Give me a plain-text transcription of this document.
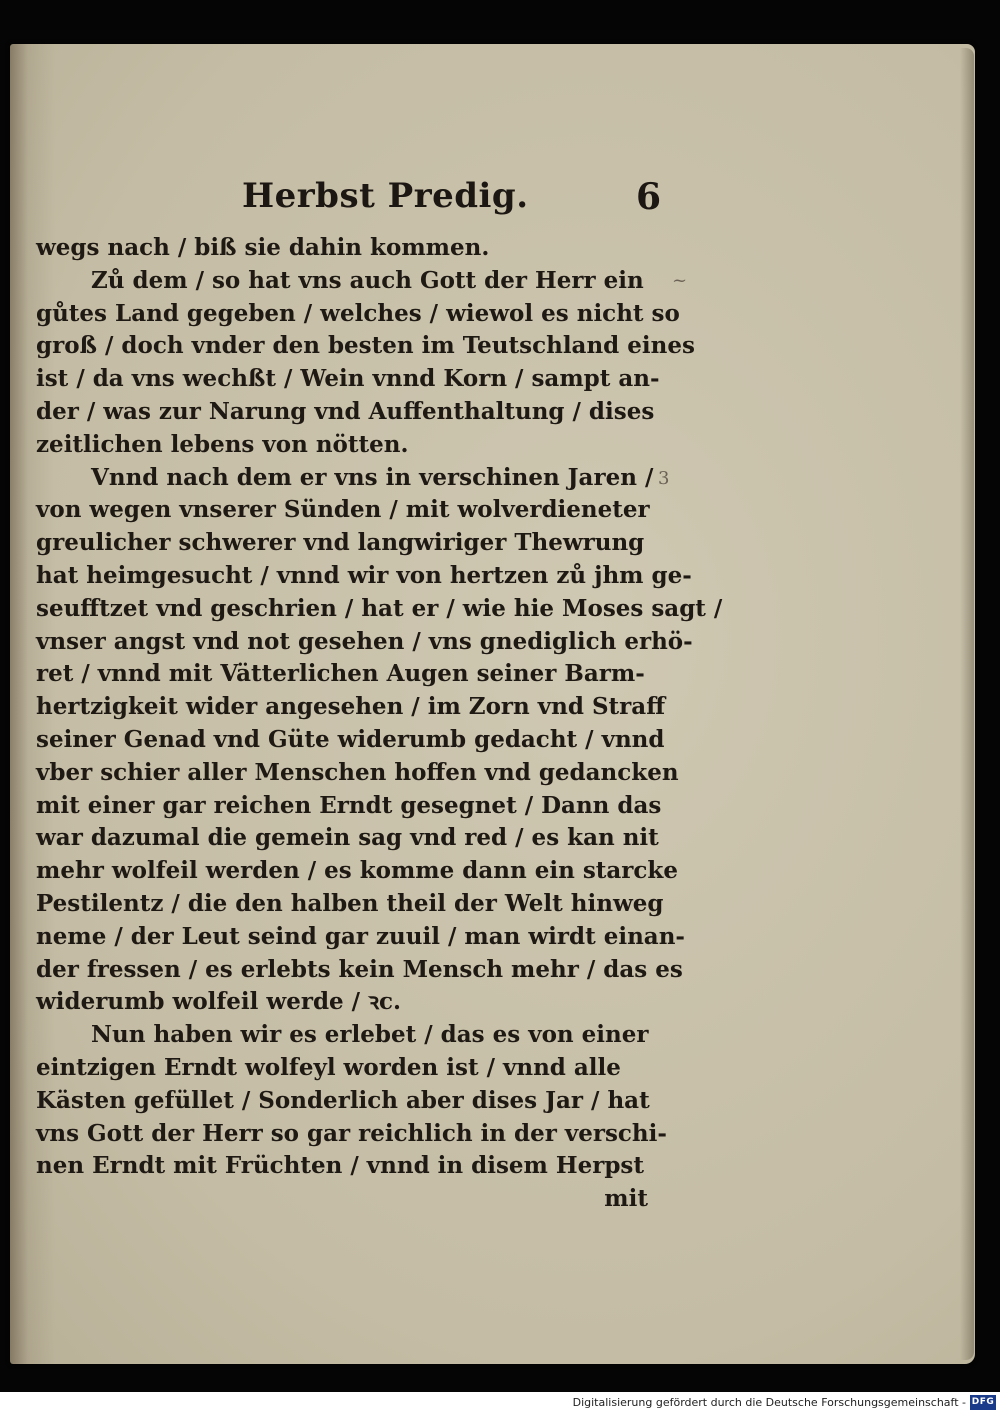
Herbst Predig.	6
wegs nach / biß sie dahin kommen.
Zů dem / so hat vns auch Gott der Herr ein
gůtes Land gegeben / welches / wiewol es nicht so
groß / doch vnder den besten im Teutschland eines
ist / da vns wechßt / Wein vnnd Korn / sampt an-
der / was zur Narung vnd Auffenthaltung / dises
zeitlichen lebens von nötten.
Vnnd nach dem er vns in verschinen Jaren /
von wegen vnserer Sünden / mit wolverdieneter
greulicher schwerer vnd langwiriger Thewrung
hat heimgesucht / vnnd wir von hertzen zů jhm ge-
seufftzet vnd geschrien / hat er / wie hie Moses sagt /
vnser angst vnd not gesehen / vns gnediglich erhö-
ret / vnnd mit Vätterlichen Augen seiner Barm-
hertzigkeit wider angesehen / im Zorn vnd Straff
seiner Genad vnd Güte widerumb gedacht / vnnd
vber schier aller Menschen hoffen vnd gedancken
mit einer gar reichen Erndt gesegnet / Dann das
war dazumal die gemein sag vnd red / es kan nit
mehr wolfeil werden / es komme dann ein starcke
Pestilentz / die den halben theil der Welt hinweg
neme / der Leut seind gar zuuil / man wirdt einan-
der fressen / es erlebts kein Mensch mehr / das es
widerumb wolfeil werde / ꝛc.
Nun haben wir es erlebet / das es von einer
eintzigen Erndt wolfeyl worden ist / vnnd alle
Kästen gefüllet / Sonderlich aber dises Jar / hat
vns Gott der Herr so gar reichlich in der verschi-
nen Erndt mit Früchten / vnnd in disem Herpst
mit
~
3
Digitalisierung gefördert durch die Deutsche Forschungsgemeinschaft - DFG
